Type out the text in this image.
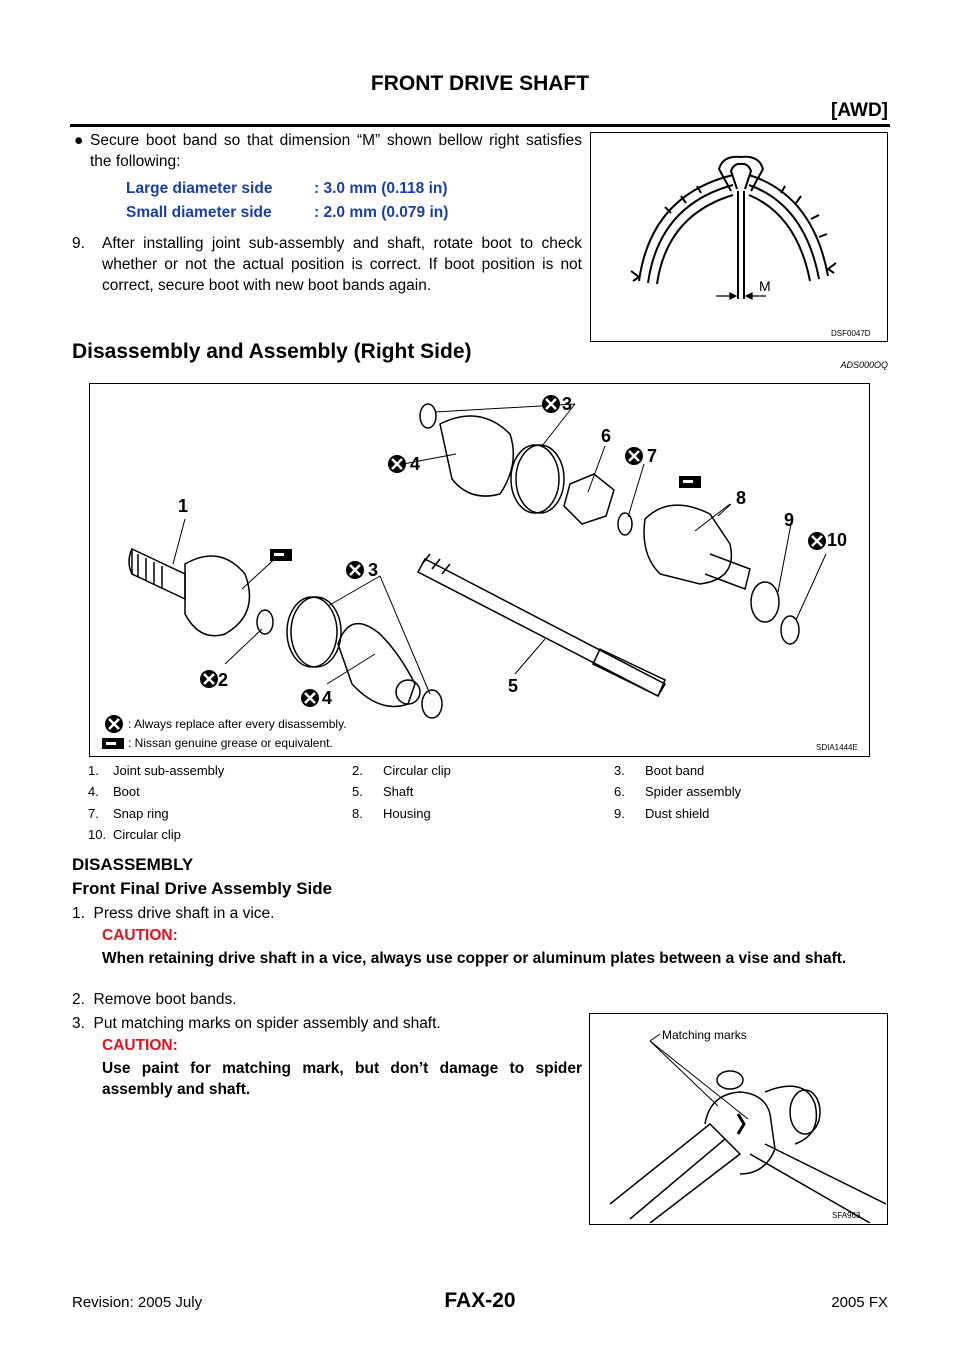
FRONT DRIVE SHAFT
[AWD]
● Secure boot band so that dimension “M” shown bellow right satisfies the following:
Large diameter side	: 3.0 mm (0.118 in)
Small diameter side	: 2.0 mm (0.079 in)
9. After installing joint sub-assembly and shaft, rotate boot to check whether or not the actual position is correct. If boot position is not correct, secure boot with new boot bands again.	M
DSF0047D
Disassembly and Assembly (Right Side)
ADS000OQ
1
2
3
4
5
3
4
6
7
8
9
10
: Always replace after every disassembly.
: Nissan genuine grease or equivalent.	SDIA1444E
1. Joint sub-assembly	2. Circular clip	3. Boot band
4. Boot	5. Shaft	6. Spider assembly
7. Snap ring	8. Housing	9. Dust shield
10. Circular clip
DISASSEMBLY
Front Final Drive Assembly Side
1.  Press drive shaft in a vice.
CAUTION:
When retaining drive shaft in a vice, always use copper or aluminum plates between a vise and shaft.
2.  Remove boot bands.
3.  Put matching marks on spider assembly and shaft.
CAUTION:
Use paint for matching mark, but don’t damage to spider assembly and shaft.
Matching marks
SFA963
Revision: 2005 July	FAX-20	2005 FX
